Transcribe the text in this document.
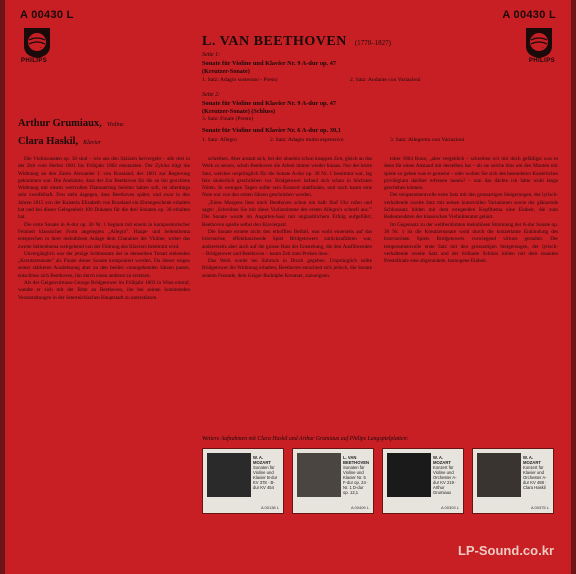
A 00430 L	A 00430 L
*
*
PHILIPS
*
*
PHILIPS
L. VAN BEETHOVEN (1770–1827)
Seite 1:
Sonate für Violine und Klavier Nr. 9 A-dur op. 47
(Kreutzer-Sonate)
1. Satz: Adagio sostenuto - Presto	2. Satz: Andante con Variazioni
Seite 2:
Sonate für Violine und Klavier Nr. 9 A-dur op. 47
(Kreutzer-Sonate) (Schluss)
3. Satz: Finale (Presto)
Sonate für Violine und Klavier Nr. 6 A-dur op. 30,1
1. Satz: Allegro	2. Satz: Adagio molto espressivo	3. Satz: Allegretto con Variazioni
Arthur Grumiaux, Violine
Clara Haskil, Klavier

Die Violinsonaten op. 30 sind – wie aus den Skizzen hervorgeht – alle drei in der Zeit vom Herbst 1801 bis Frühjahr 1802 entstanden. Der Zyklus trägt die Widmung an den Zaren Alexander I. von Russland, der 1801 zur Regierung gekommen war. Die Anekdote, dass der Zar Beethoven für die an ihn gerichtete Widmung mit einem wertvollen Diamantring belohnt haben soll, ist allerdings sehr zweifelhaft. Fest steht dagegen, dass Beethoven später, und zwar in den Jahren 1815 von der Kaiserin Elisabeth von Russland ein Ehrengeschenk erhalten hat und bei dieser Gelegenheit 100 Dukaten für die drei Sonaten op. 30 erhalten hat.

Die erste Sonate in A-dur op. 30 Nr. 1 beginnt mit einem in kompositorischer Feinheit klassischer Form angelegten „Allegro". Haupt- und Seitenthema entsprechen in ihrer melodiösen Anlage dem Charakter der Violine, wobei das zweite Seitenthema weitgehend von der Führung des Klaviers bestimmt wird.

Unvergänglich war der jetzige Schlusssatz der in demselben Tonart stehenden „Kreutzersonate" als Finale dieser Sonate komponiert worden. Da dieser wegen seiner stärkeren Ausdehnung aber zu den beiden vorangehenden Sätzen passte, entschloss sich Beethoven, ihn durch einen anderen zu ersetzen.

Als der Geigenvirtuose George Bridgetower im Frühjahr 1803 in Wien eintraf, wandte er sich mit der Bitte an Beethoven, ihn bei seinen kommenden Veranstaltungen in der österreichischen Hauptstadt zu unterstützen.

schreiben. Aber anstatt sich, bei der ohnehin schon knappen Zeit, gleich an das Werk zu setzen, schob Beethoven die Arbeit immer wieder hinaus. Nur der letzte Satz, welcher ursprünglich für die Sonate A-dur op. 30 Nr. 1 bestimmt war, lag fein säuberlich geschrieben vor. Bridgetower befand sich schon in höchsten Nöten. In wenigen Tagen sollte sein Konzert stattfinden, und noch kaum eine Note war von den ersten Sätzen geschrieben worden.

„Eines Morgens liess mich Beethoven schon um halb fünf Uhr rufen und sagte: ‚Schreiben Sie mir diese Violinstimme des ersten Allegro's schnell aus.'" Die Sonate wurde im Augarten-Saal mit unglaublichem Erfolg aufgeführt; Beethoven spielte selbst den Klavierpart.

Die Sonate erntete nicht den erhofften Beifall, was wohl einerseits auf das bravouröse, effekthaschende Spiel Bridgetowers zurückzuführen war, andererseits aber auch auf die grosse Hast der Entstehung, die den Ausführenden – Bridgetower und Beethoven – kaum Zeit zum Proben liess.

Das Werk wurde bei Simrock in Druck gegeben. Ursprünglich sollte Bridgetower die Widmung erhalten; Beethoven entschied sich jedoch, die Sonate seinem Freunde, dem Geiger Rodolphe Kreutzer, zuzueignen.

tober 1804 Bonn, „aber vergeblich – schreiben wir mir doch gefälligst was es denn für einen Anstand mit derselben hat – ob sie solche blos um den Monten mir spiele zu geben was er gemeint – oder wollen Sie sich des besonderen Kaiserliches privilegium darüber erfreuen lassen? – nun das dächte ich hätte wohl lange geschehen können.

Der temperamentvolle erste Satz mit den grossartigen Steigerungen, der lyrisch-verhaltende zweite Satz mit seinen kunstvollen Variationen sowie der glänzende Schlusssatz bilden mit dem erregenden Kopfthema eine Einheit, die zum Bedeutendsten der klassischen Violinliteratur gehört.

Im Gegensatz zu der weltberühmten melodiösen Stimmung der A-dur Sonate op. 30 Nr. 1 ist die Kreutzersonate wohl durch die konzertante Einbindung des bravourösen Spiels Bridgetowers vorwiegend virtuos gestaltet. Der temperamentvolle erste Satz mit den grossartigen Steigerungen, der lyrisch-verhaltende zweite Satz und der brillante Schluss bilden mit dem rasanten Prestofinale eine abgerundete, homogene Einheit.

Weitere Aufnahmen mit Clara Haskil und Arthur Grumiaux auf Philips Langspielplatten:
W. A. MOZART
Sonaten für Violine und Klavier B-dur KV 378 · B-dur KV 454
A 00138 L
L. VAN BEETHOVEN
Sonaten für Violine und Klavier Nr. 5 F-dur op. 24 · Nr. 1 D-dur op. 12,1
A 00409 L
W. A. MOZART
Konzert für Violine und Orchester A-dur KV 219 · Arthur Grumiaux
A 00303 L
W. A. MOZART
Konzert für Klavier und Orchester A-dur KV 488 · Clara Haskil
A 00375 L
LP-Sound.co.kr
